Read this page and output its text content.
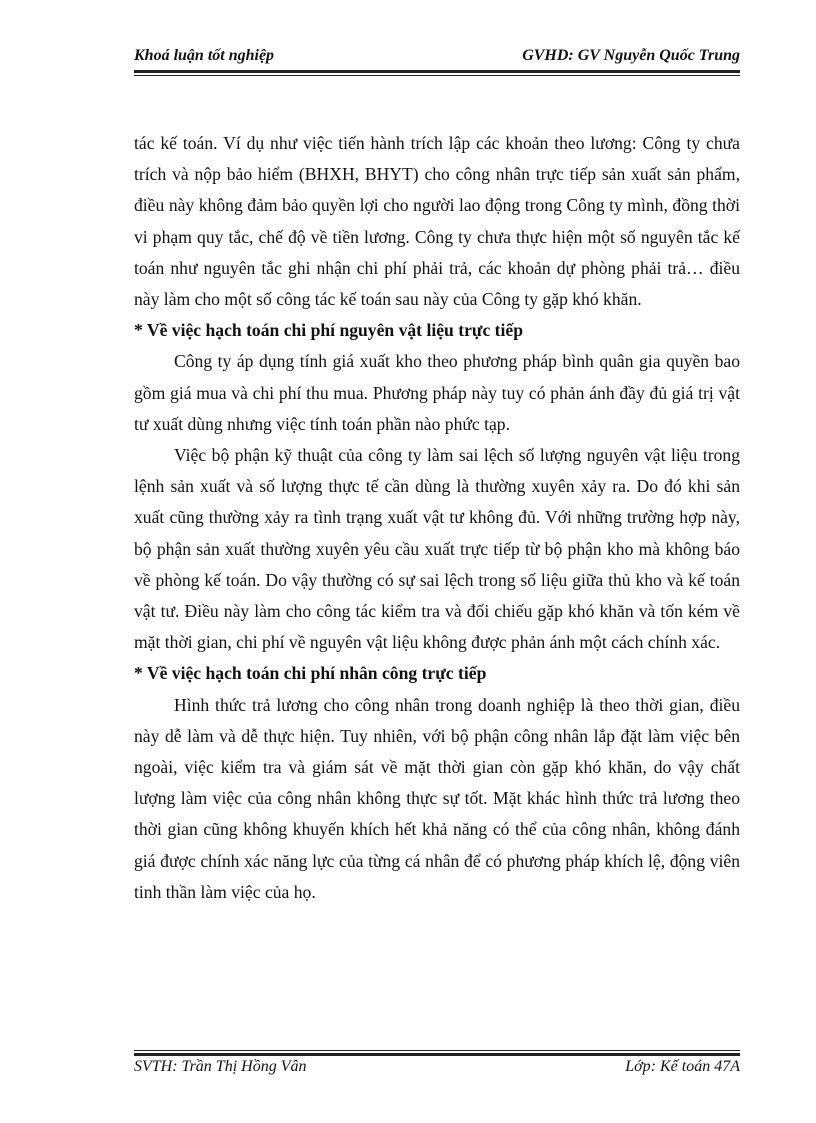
Khoá luận tốt nghiệp	GVHD: GV Nguyễn Quốc Trung

tác kế toán. Ví dụ như việc tiến hành trích lập các khoản theo lương: Công ty chưa trích và nộp bảo hiểm (BHXH, BHYT) cho công nhân trực tiếp sản xuất sản phẩm, điều này không đảm bảo quyền lợi cho người lao động trong Công ty mình, đồng thời vi phạm quy tắc, chế độ về tiền lương. Công ty chưa thực hiện một số nguyên tắc kế toán như nguyên tắc ghi nhận chi phí phải trả, các khoản dự phòng phải trả… điều này làm cho một số công tác kế toán sau này của Công ty gặp khó khăn.

* Về việc hạch toán chi phí nguyên vật liệu trực tiếp

Công ty áp dụng tính giá xuất kho theo phương pháp bình quân gia quyền bao gồm giá mua và chi phí thu mua. Phương pháp này tuy có phản ánh đầy đủ giá trị vật tư xuất dùng nhưng việc tính toán phần nào phức tạp.

Việc bộ phận kỹ thuật của công ty làm sai lệch số lượng nguyên vật liệu trong lệnh sản xuất và số lượng thực tế cần dùng là thường xuyên xảy ra. Do đó khi sản xuất cũng thường xảy ra tình trạng xuất vật tư không đủ. Với những trường hợp này, bộ phận sản xuất thường xuyên yêu cầu xuất trực tiếp từ bộ phận kho mà không báo về phòng kế toán. Do vậy thường có sự sai lệch trong số liệu giữa thủ kho và kế toán vật tư. Điều này làm cho công tác kiểm tra và đối chiếu gặp khó khăn và tốn kém về mặt thời gian, chi phí về nguyên vật liệu không được phản ánh một cách chính xác.

* Về việc hạch toán chi phí nhân công trực tiếp

Hình thức trả lương cho công nhân trong doanh nghiệp là theo thời gian, điều này dễ làm và dễ thực hiện. Tuy nhiên, với bộ phận công nhân lắp đặt làm việc bên ngoài, việc kiểm tra và giám sát về mặt thời gian còn gặp khó khăn, do vậy chất lượng làm việc của công nhân không thực sự tốt. Mặt khác hình thức trả lương theo thời gian cũng không khuyến khích hết khả năng có thể của công nhân, không đánh giá được chính xác năng lực của từng cá nhân để có phương pháp khích lệ, động viên tinh thần làm việc của họ.

SVTH: Trần Thị Hồng Vân	Lớp: Kế toán 47A
